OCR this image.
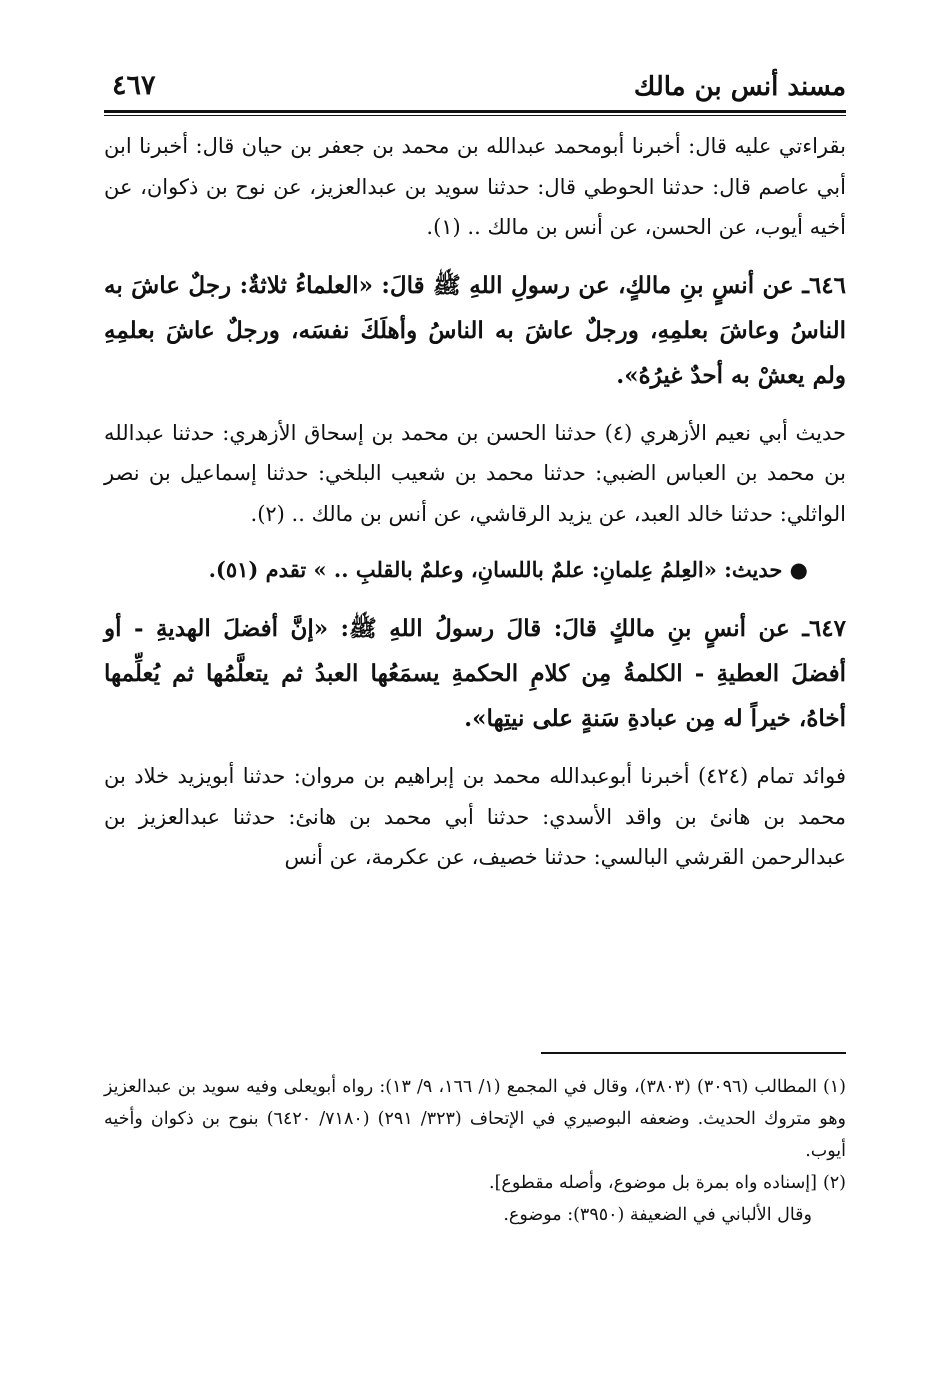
مسند أنس بن مالك
٤٦٧

بقراءتي عليه قال: أخبرنا أبومحمد عبدالله بن محمد بن جعفر بن حيان قال: أخبرنا ابن أبي عاصم قال: حدثنا الحوطي قال: حدثنا سويد بن عبدالعزيز، عن نوح بن ذكوان، عن أخيه أيوب، عن الحسن، عن أنس بن مالك .. (١).

٦٤٦ـ عن أنسٍ بنِ مالكٍ، عن رسولِ اللهِ ﷺ قالَ: «العلماءُ ثلاثةٌ: رجلٌ عاشَ به الناسُ وعاشَ بعلمِهِ، ورجلٌ عاشَ به الناسُ وأهلَكَ نفسَه، ورجلٌ عاشَ بعلمِهِ ولم يعشْ به أحدٌ غيرُهُ».

حديث أبي نعيم الأزهري (٤) حدثنا الحسن بن محمد بن إسحاق الأزهري: حدثنا عبدالله بن محمد بن العباس الضبي: حدثنا محمد بن شعيب البلخي: حدثنا إسماعيل بن نصر الواثلي: حدثنا خالد العبد، عن يزيد الرقاشي، عن أنس بن مالك .. (٢).

● حديث: «العِلمُ عِلمانِ: علمٌ باللسانِ، وعلمٌ بالقلبِ .. » تقدم (٥١).

٦٤٧ـ عن أنسٍ بنِ مالكٍ قالَ: قالَ رسولُ اللهِ ﷺ: «إنَّ أفضلَ الهديةِ - أو أفضلَ العطيةِ - الكلمةُ مِن كلامِ الحكمةِ يسمَعُها العبدُ ثم يتعلَّمُها ثم يُعلِّمها أخاهُ، خيراً له مِن عبادةِ سَنةٍ على نيتِها».

فوائد تمام (٤٢٤) أخبرنا أبوعبدالله محمد بن إبراهيم بن مروان: حدثنا أبويزيد خلاد بن محمد بن هانئ بن واقد الأسدي: حدثنا أبي محمد بن هانئ: حدثنا عبدالعزيز بن عبدالرحمن القرشي البالسي: حدثنا خصيف، عن عكرمة، عن أنس

(١)المطالب (٣٠٩٦) (٣٨٠٣)، وقال في المجمع (١/ ١٦٦، ٩/ ١٣): رواه أبويعلى وفيه سويد بن عبدالعزيز وهو متروك الحديث. وضعفه البوصيري في الإتحاف (٣٢٣/ ٢٩١) (٧١٨٠/ ٦٤٢٠) بنوح بن ذكوان وأخيه أيوب.

(٢)[إسناده واه بمرة بل موضوع، وأصله مقطوع].

وقال الألباني في الضعيفة (٣٩٥٠): موضوع.
